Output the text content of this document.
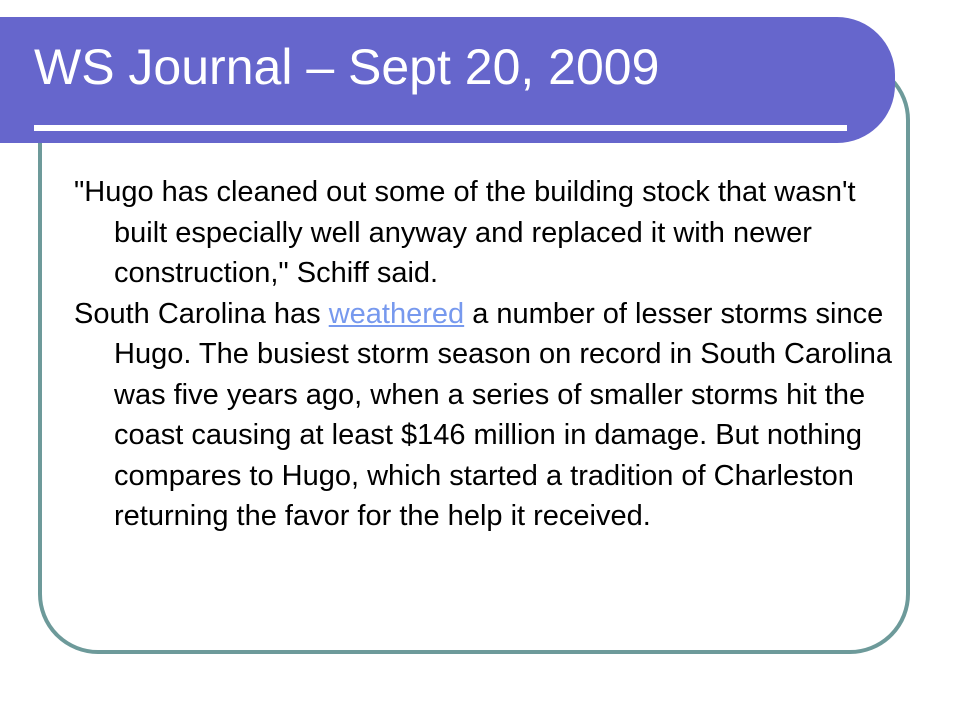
WS Journal – Sept 20, 2009

"Hugo has cleaned out some of the building stock that wasn't built especially well anyway and replaced it with newer construction," Schiff said.

South Carolina has weathered a number of lesser storms since Hugo. The busiest storm season on record in South Carolina was five years ago, when a series of smaller storms hit the coast causing at least $146 million in damage. But nothing compares to Hugo, which started a tradition of Charleston returning the favor for the help it received.
